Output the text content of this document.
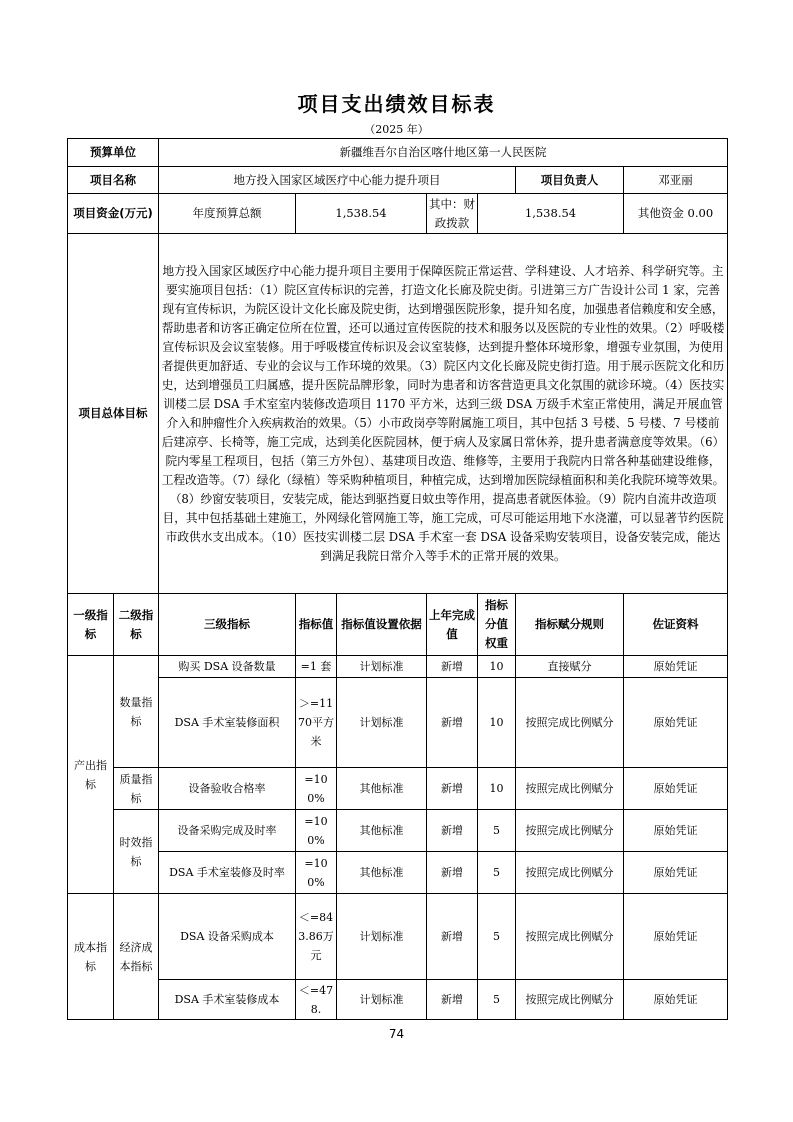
项目支出绩效目标表
（2025 年）
预算单位		新疆维吾尔自治区喀什地区第一人民医院						
项目名称		地方投入国家区域医疗中心能力提升项目					项目负责人	邓亚丽
项目资金(万元)		年度预算总额	1,538.54		其中：财政拨款	1,538.54		其他资金 0.00
项目总体目标		地方投入国家区域医疗中心能力提升项目主要用于保障医院正常运营、学科建设、人才培养、科学研究等。主要实施项目包括：（1）院区宣传标识的完善，打造文化长廊及院史街。引进第三方广告设计公司 1 家，完善现有宣传标识，为院区设计文化长廊及院史街，达到增强医院形象，提升知名度，加强患者信赖度和安全感，帮助患者和访客正确定位所在位置，还可以通过宣传医院的技术和服务以及医院的专业性的效果。（2）呼吸楼宣传标识及会议室装修。用于呼吸楼宣传标识及会议室装修，达到提升整体环境形象，增强专业氛围，为使用者提供更加舒适、专业的会议与工作环境的效果。（3）院区内文化长廊及院史街打造。用于展示医院文化和历史，达到增强员工归属感，提升医院品牌形象，同时为患者和访客营造更具文化氛围的就诊环境。（4）医技实训楼二层 DSA 手术室室内装修改造项目 1170 平方米，达到三级 DSA 万级手术室正常使用，满足开展血管介入和肿瘤性介入疾病救治的效果。（5）小市政岗亭等附属施工项目，其中包括 3 号楼、5 号楼、7 号楼前后建凉亭、长椅等，施工完成，达到美化医院园林，便于病人及家属日常休养，提升患者满意度等效果。（6）院内零星工程项目，包括（第三方外包）、基建项目改造、维修等，主要用于我院内日常各种基础建设维修，工程改造等。（7）绿化（绿植）等采购种植项目，种植完成，达到增加医院绿植面积和美化我院环境等效果。（8）纱窗安装项目，安装完成，能达到驱挡夏日蚊虫等作用，提高患者就医体验。（9）院内自流井改造项目，其中包括基础土建施工，外网绿化管网施工等，施工完成，可尽可能运用地下水浇灌，可以显著节约医院市政供水支出成本。（10）医技实训楼二层 DSA 手术室一套 DSA 设备采购安装项目，设备安装完成，能达到满足我院日常介入等手术的正常开展的效果。						
一级指标	二级指标	三级指标	指标值	指标值设置依据	上年完成值	指标分值权重	指标赋分规则	佐证资料
产出指标	数量指标	购买 DSA 设备数量	=1 套	计划标准	新增	10	直接赋分	原始凭证
		DSA 手术室装修面积	＞=1170平方米	计划标准	新增	10	按照完成比例赋分	原始凭证
	质量指标	设备验收合格率	=100%	其他标准	新增	10	按照完成比例赋分	原始凭证
	时效指标	设备采购完成及时率	=100%	其他标准	新增	5	按照完成比例赋分	原始凭证
		DSA 手术室装修及时率	=100%	其他标准	新增	5	按照完成比例赋分	原始凭证
成本指标	经济成本指标	DSA 设备采购成本	＜=843.86万元	计划标准	新增	5	按照完成比例赋分	原始凭证
		DSA 手术室装修成本	＜=478.	计划标准	新增	5	按照完成比例赋分	原始凭证
74
